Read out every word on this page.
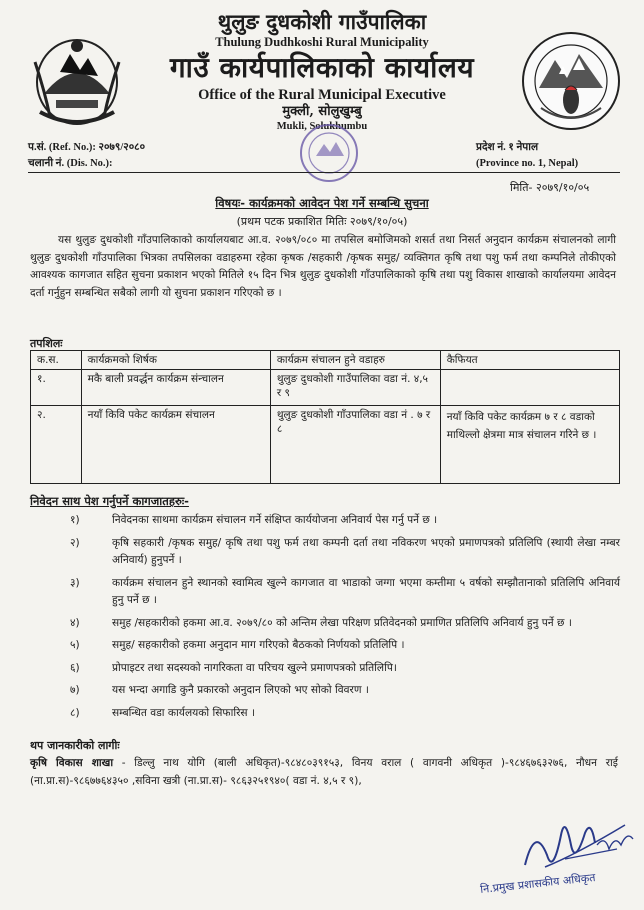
थुलुङ दुधकोशी गाउँपालिका
Thulung Dudhkoshi Rural Municipality
गाउँ कार्यपालिकाको कार्यालय
Office of the Rural Municipal Executive
मुक्ली, सोलुखुम्बु
Mukli, Solukhumbu
प.सं. (Ref. No.): २०७९/२०८०
चलानी नं. (Dis. No.):
प्रदेश नं. १ नेपाल
(Province no. 1, Nepal)
मिति- २०७९/१०/०५
विषयः- कार्यक्रमको आवेदन पेश गर्ने सम्बन्धि सुचना
(प्रथम पटक प्रकाशित मितिः २०७९/१०/०५)
यस थुलुङ दुधकोशी गाँउपालिकाको कार्यालयबाट आ.व. २०७९/०८० मा तपसिल बमोजिमको शसर्त तथा निसर्त अनुदान कार्यक्रम संचालनको लागी थुलुङ दुधकोशी गाँउपालिका भित्रका तपसिलका वडाहरुमा रहेका कृषक /सहकारी /कृषक समुह/ व्यक्तिगत कृषि तथा पशु फर्म तथा कम्पनिले तोकीएको आवश्यक कागजात सहित सुचना प्रकाशन भएको मितिले १५ दिन भित्र थुलुङ दुधकोशी गाँउपालिकाको कृषि तथा पशु विकास शाखाको कार्यालयमा आवेदन दर्ता गर्नुहुन सम्बन्धित सबैको लागी यो सुचना प्रकाशन गरिएको छ ।
तपशिलः
क.स.	कार्यक्रमको शिर्षक	कार्यक्रम संचालन हुने वडाहरु	कैफियत
१.	मकै बाली प्रवर्द्धन कार्यक्रम संन्चालन	थुलुङ दुधकोशी गाउँपालिका वडा नं. ४,५ र ९	
२.	नयाँ किवि पकेट कार्यक्रम संचालन	थुलुङ दुधकोशी गाँउपालिका वडा नं . ७ र ८	नयाँ किवि पकेट कार्यक्रम ७ र ८ वडाको माथिल्लो क्षेत्रमा मात्र संचालन गरिने छ ।
निवेदन साथ पेश गर्नुपर्ने कागजातहरुः-
१)	निवेदनका साथमा कार्यक्रम संचालन गर्ने संक्षिप्त कार्ययोजना अनिवार्य पेस गर्नु पर्ने छ ।
२)	कृषि सहकारी /कृषक समुह/ कृषि तथा पशु फर्म तथा कम्पनी दर्ता तथा नविकरण भएको प्रमाणपत्रको प्रतिलिपि (स्थायी लेखा नम्बर अनिवार्य) हुनुपर्ने ।
३)	कार्यक्रम संचालन हुने स्थानको स्वामित्व खुल्ने कागजात वा भाडाको जग्गा भएमा कम्तीमा ५ वर्षको सम्झौतानाको प्रतिलिपि अनिवार्य हुनु पर्ने छ ।
४)	समुह /सहकारीको हकमा आ.व. २०७९/८० को अन्तिम लेखा परिक्षण प्रतिवेदनको प्रमाणित प्रतिलिपि अनिवार्य हुनु पर्ने छ ।
५)	समुह/ सहकारीको हकमा अनुदान माग गरिएको बैठकको निर्णयको प्रतिलिपि ।
६)	प्रोपाइटर तथा सदस्यको नागरिकता वा परिचय खुल्ने प्रमाणपत्रको प्रतिलिपि।
७)	यस भन्दा अगाडि कुनै प्रकारको अनुदान लिएको भए सोको विवरण ।
८)	सम्बन्धित वडा कार्यलयको सिफारिस ।
थप जानकारीको लागीः
कृषि विकास शाखा - डिल्लु नाथ योगि (बाली अधिकृत)-९८४८०३९१५३, विनय वराल ( वागवनी अधिकृत )-९८४६७६३२७६, नौधन राई (ना.प्रा.स)-९८६७७६४३५० ,सविना खत्री (ना.प्रा.स)- ९८६३२५१९४०( वडा नं. ४,५ र ९),
नि.प्रमुख प्रशासकीय अधिकृत
